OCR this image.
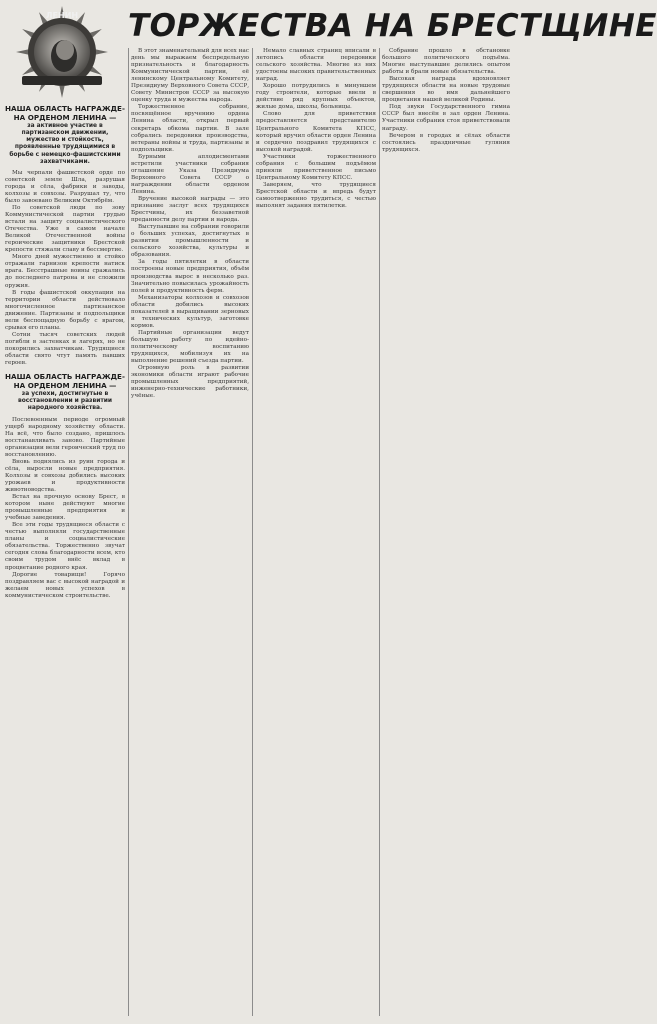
ЛЕНИН ТОРЖЕСТВА НА БРЕСТЩИНЕ
НАША ОБЛАСТЬ НАГРАЖДЕ-НА ОРДЕНОМ ЛЕНИНА —
за активное участие в партизанском движении, мужество и стойкость, проявленные трудящимися в борьбе с немецко-фашистскими захватчиками.

Мы черпали фашистской орде по советской земле Шла, разрушая города и сёла, фабрики и заводы, колхозы и совхозы. Разрушал ту, что было завоевано Великим Октябрём.

По советской люди по зову Коммунистической партии грудью встали на защиту социалистического Отечества. Уже в самом начале Великой Отечественной войны героические защитники Брестской крепости стяжали славу и бессмертие.

Много дней мужественно и стойко отражали гарнизон крепости натиск врага. Бесстрашные воины сражались до последнего патрона и не сложили оружия.

В годы фашистской оккупации на территории области действовало многочисленное партизанское движение. Партизаны и подпольщики вели беспощадную борьбу с врагом, срывая его планы.

Сотни тысяч советских людей погибли в застенках и лагерях, но не покорились захватчикам. Трудящиеся области свято чтут память павших героев.

НАША ОБЛАСТЬ НАГРАЖДЕ-НА ОРДЕНОМ ЛЕНИНА —
за успехи, достигнутые в восстановлении и развитии народного хозяйства.

Послевоенным периоде огромный ущерб народному хозяйству области. На всё, что было создано, пришлось восстанавливать заново. Партийные организации вели героический труд по восстановлению.

Вновь поднялись из руин города и сёла, выросли новые предприятия. Колхозы и совхозы добились высоких урожаев и продуктивности животноводства.

Встал на прочную основу Брест, в котором ныне действуют многие промышленные предприятия и учебные заведения.

Все эти годы трудящиеся области с честью выполняли государственные планы и социалистические обязательства. Торжественно звучат сегодня слова благодарности всем, кто своим трудом внёс вклад в процветание родного края.

Дорогие товарищи! Горячо поздравляем вас с высокой наградой и желаем новых успехов в коммунистическом строительстве.

В этот знаменательный для всех нас день мы выражаем беспредельную признательность и благодарность Коммунистической партии, её ленинскому Центральному Комитету, Президиуму Верховного Совета СССР, Совету Министров СССР за высокую оценку труда и мужества народа.

Торжественное собрание, посвящённое вручению ордена Ленина области, открыл первый секретарь обкома партии. В зале собрались передовики производства, ветераны войны и труда, партизаны и подпольщики.

Бурными аплодисментами встретили участники собрания оглашение Указа Президиума Верховного Совета СССР о награждении области орденом Ленина.

Вручение высокой награды — это признание заслуг всех трудящихся Брестчины, их беззаветной преданности делу партии и народа.

Выступавшие на собрании говорили о больших успехах, достигнутых в развитии промышленности и сельского хозяйства, культуры и образования.

За годы пятилетки в области построены новые предприятия, объём производства вырос в несколько раз. Значительно повысилась урожайность полей и продуктивность ферм.

Механизаторы колхозов и совхозов области добились высоких показателей в выращивании зерновых и технических культур, заготовке кормов.

Партийные организации ведут большую работу по идейно-политическому воспитанию трудящихся, мобилизуя их на выполнение решений съезда партии.

Огромную роль в развитии экономики области играют рабочие промышленных предприятий, инженерно-технические работники, учёные.

Немало славных страниц вписали в летопись области передовики сельского хозяйства. Многие из них удостоены высоких правительственных наград.

Хорошо потрудились в минувшем году строители, которые ввели в действие ряд крупных объектов, жилые дома, школы, больницы.

Слово для приветствия предоставляется представителю Центрального Комитета КПСС, который вручил области орден Ленина и сердечно поздравил трудящихся с высокой наградой.

Участники торжественного собрания с большим подъёмом приняли приветственное письмо Центральному Комитету КПСС.

Заверяем, что трудящиеся Брестской области и впредь будут самоотверженно трудиться, с честью выполнят задания пятилетки.

Собрание прошло в обстановке большого политического подъёма. Многие выступавшие делились опытом работы и брали новые обязательства.

Высокая награда вдохновляет трудящихся области на новые трудовые свершения во имя дальнейшего процветания нашей великой Родины.

Под звуки Государственного гимна СССР был внесён в зал орден Ленина. Участники собрания стоя приветствовали награду.

Вечером в городах и сёлах области состоялись праздничные гуляния трудящихся.
